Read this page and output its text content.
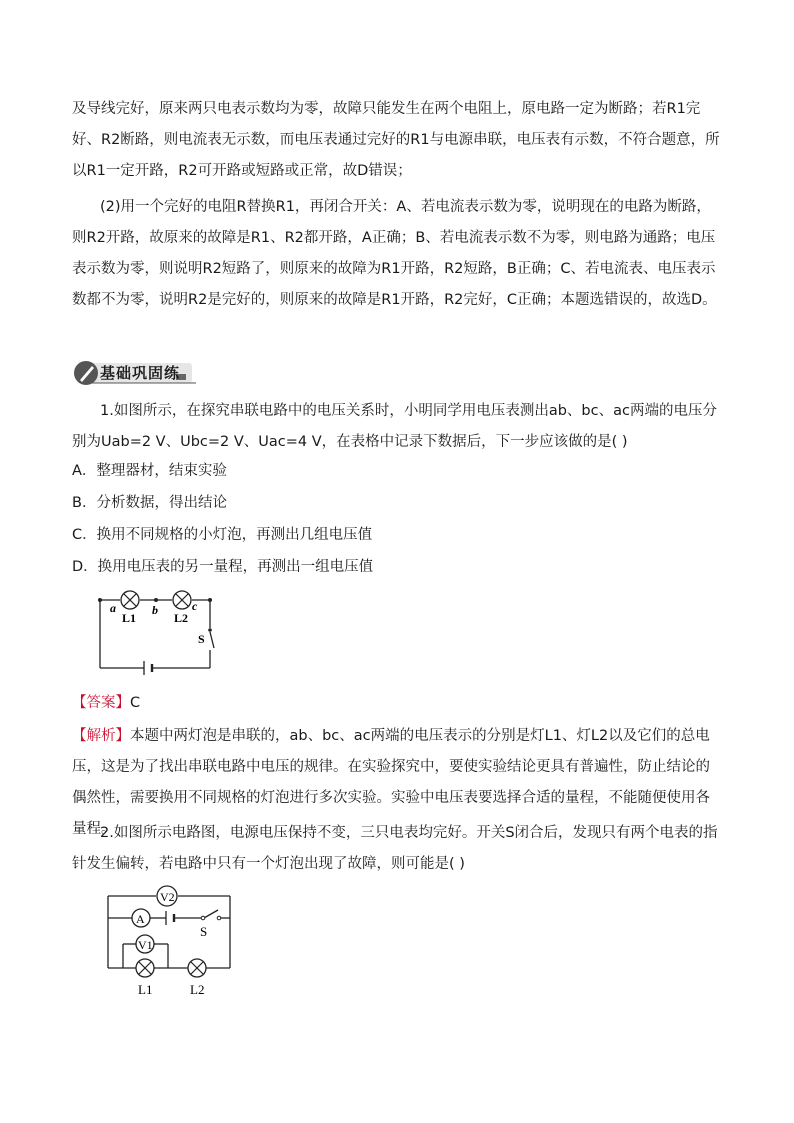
及导线完好，原来两只电表示数均为零，故障只能发生在两个电阻上，原电路一定为断路；若R1完好、R2断路，则电流表无示数，而电压表通过完好的R1与电源串联，电压表有示数，不符合题意，所以R1一定开路，R2可开路或短路或正常，故D错误；
(2)用一个完好的电阻R替换R1，再闭合开关：A、若电流表示数为零，说明现在的电路为断路，则R2开路，故原来的故障是R1、R2都开路，A正确；B、若电流表示数不为零，则电路为通路；电压表示数为零，则说明R2短路了，则原来的故障为R1开路，R2短路，B正确；C、若电流表、电压表示数都不为零，说明R2是完好的，则原来的故障是R1开路，R2完好，C正确；本题选错误的，故选D。
基础巩固练
1.如图所示，在探究串联电路中的电压关系时，小明同学用电压表测出ab、bc、ac两端的电压分别为Uab=2 V、Ubc=2 V、Uac=4 V，在表格中记录下数据后，下一步应该做的是( )
A．整理器材，结束实验
B．分析数据，得出结论
C．换用不同规格的小灯泡，再测出几组电压值
D．换用电压表的另一量程，再测出一组电压值
a
L1
b
L2
c
S
【答案】C
【解析】本题中两灯泡是串联的，ab、bc、ac两端的电压表示的分别是灯L1、灯L2以及它们的总电压，这是为了找出串联电路中电压的规律。在实验探究中，要使实验结论更具有普遍性，防止结论的偶然性，需要换用不同规格的灯泡进行多次实验。实验中电压表要选择合适的量程，不能随便使用各量程。
2.如图所示电路图，电源电压保持不变，三只电表均完好。开关S闭合后，发现只有两个电表的指针发生偏转，若电路中只有一个灯泡出现了故障，则可能是( )
V2
A
S
V1
L1	L2
